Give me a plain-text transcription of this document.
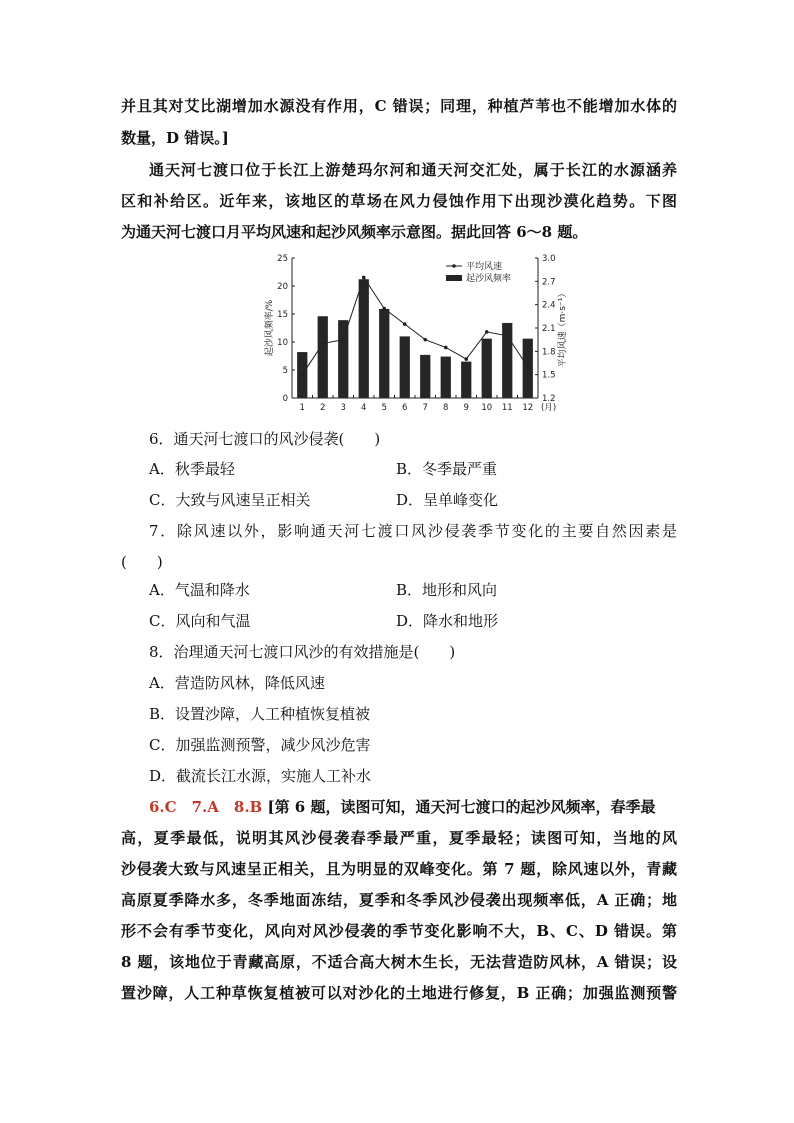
并且其对艾比湖增加水源没有作用，C 错误；同理，种植芦苇也不能增加水体的
数量，D 错误。]
通天河七渡口位于长江上游楚玛尔河和通天河交汇处，属于长江的水源涵养
区和补给区。近年来，该地区的草场在风力侵蚀作用下出现沙漠化趋势。下图
为通天河七渡口月平均风速和起沙风频率示意图。据此回答 6～8 题。
0
5
10
15
20
25
1.2
1.5
1.8
2.1
2.4
2.7
3.0
1 2 3 4 5 6 7 8 9 10 11 12 (月)
起沙风频率/%	平均风速（m·s⁻¹）
平均风速
起沙风频率
6．通天河七渡口的风沙侵袭(　　)
A．秋季最轻	B．冬季最严重
C．大致与风速呈正相关	D．呈单峰变化
7．除风速以外，影响通天河七渡口风沙侵袭季节变化的主要自然因素是
(　　)
A．气温和降水	B．地形和风向
C．风向和气温	D．降水和地形
8．治理通天河七渡口风沙的有效措施是(　　)
A．营造防风林，降低风速
B．设置沙障，人工种植恢复植被
C．加强监测预警，减少风沙危害
D．截流长江水源，实施人工补水
6.C　7.A　8.B [第 6 题，读图可知，通天河七渡口的起沙风频率，春季最
高，夏季最低，说明其风沙侵袭春季最严重，夏季最轻；读图可知，当地的风
沙侵袭大致与风速呈正相关，且为明显的双峰变化。第 7 题，除风速以外，青藏
高原夏季降水多，冬季地面冻结，夏季和冬季风沙侵袭出现频率低，A 正确；地
形不会有季节变化，风向对风沙侵袭的季节变化影响不大，B、C、D 错误。第
8 题，该地位于青藏高原，不适合高大树木生长，无法营造防风林，A 错误；设
置沙障，人工种草恢复植被可以对沙化的土地进行修复，B 正确；加强监测预警
